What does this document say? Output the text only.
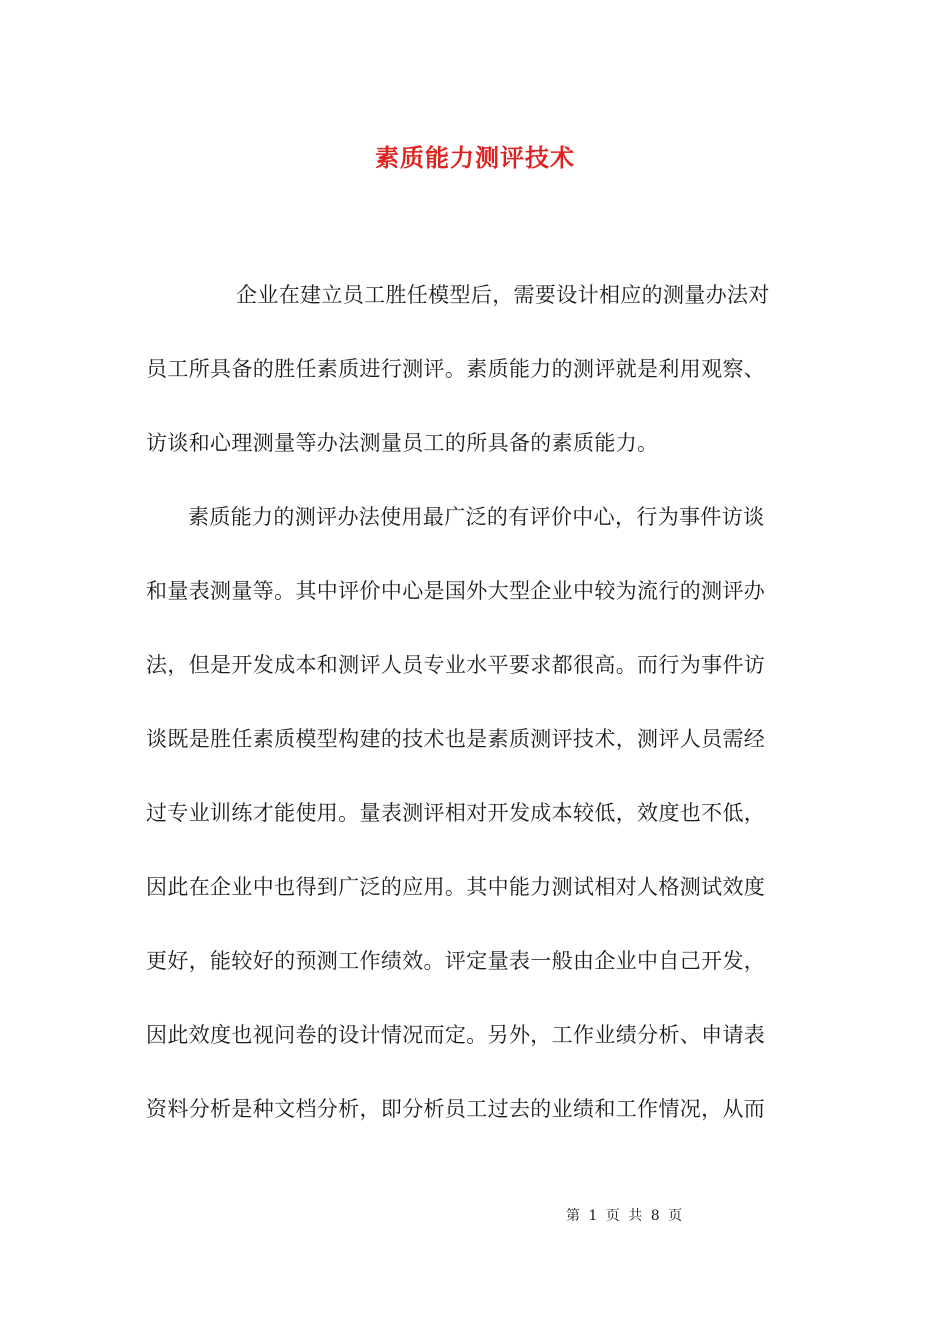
素质能力测评技术

企业在建立员工胜任模型后，需要设计相应的测量办法对

员工所具备的胜任素质进行测评。素质能力的测评就是利用观察、

访谈和心理测量等办法测量员工的所具备的素质能力。

素质能力的测评办法使用最广泛的有评价中心，行为事件访谈

和量表测量等。其中评价中心是国外大型企业中较为流行的测评办

法，但是开发成本和测评人员专业水平要求都很高。而行为事件访

谈既是胜任素质模型构建的技术也是素质测评技术，测评人员需经

过专业训练才能使用。量表测评相对开发成本较低，效度也不低，

因此在企业中也得到广泛的应用。其中能力测试相对人格测试效度

更好，能较好的预测工作绩效。评定量表一般由企业中自己开发，

因此效度也视问卷的设计情况而定。另外，工作业绩分析、申请表

资料分析是种文档分析，即分析员工过去的业绩和工作情况，从而

第 1 页 共 8 页
